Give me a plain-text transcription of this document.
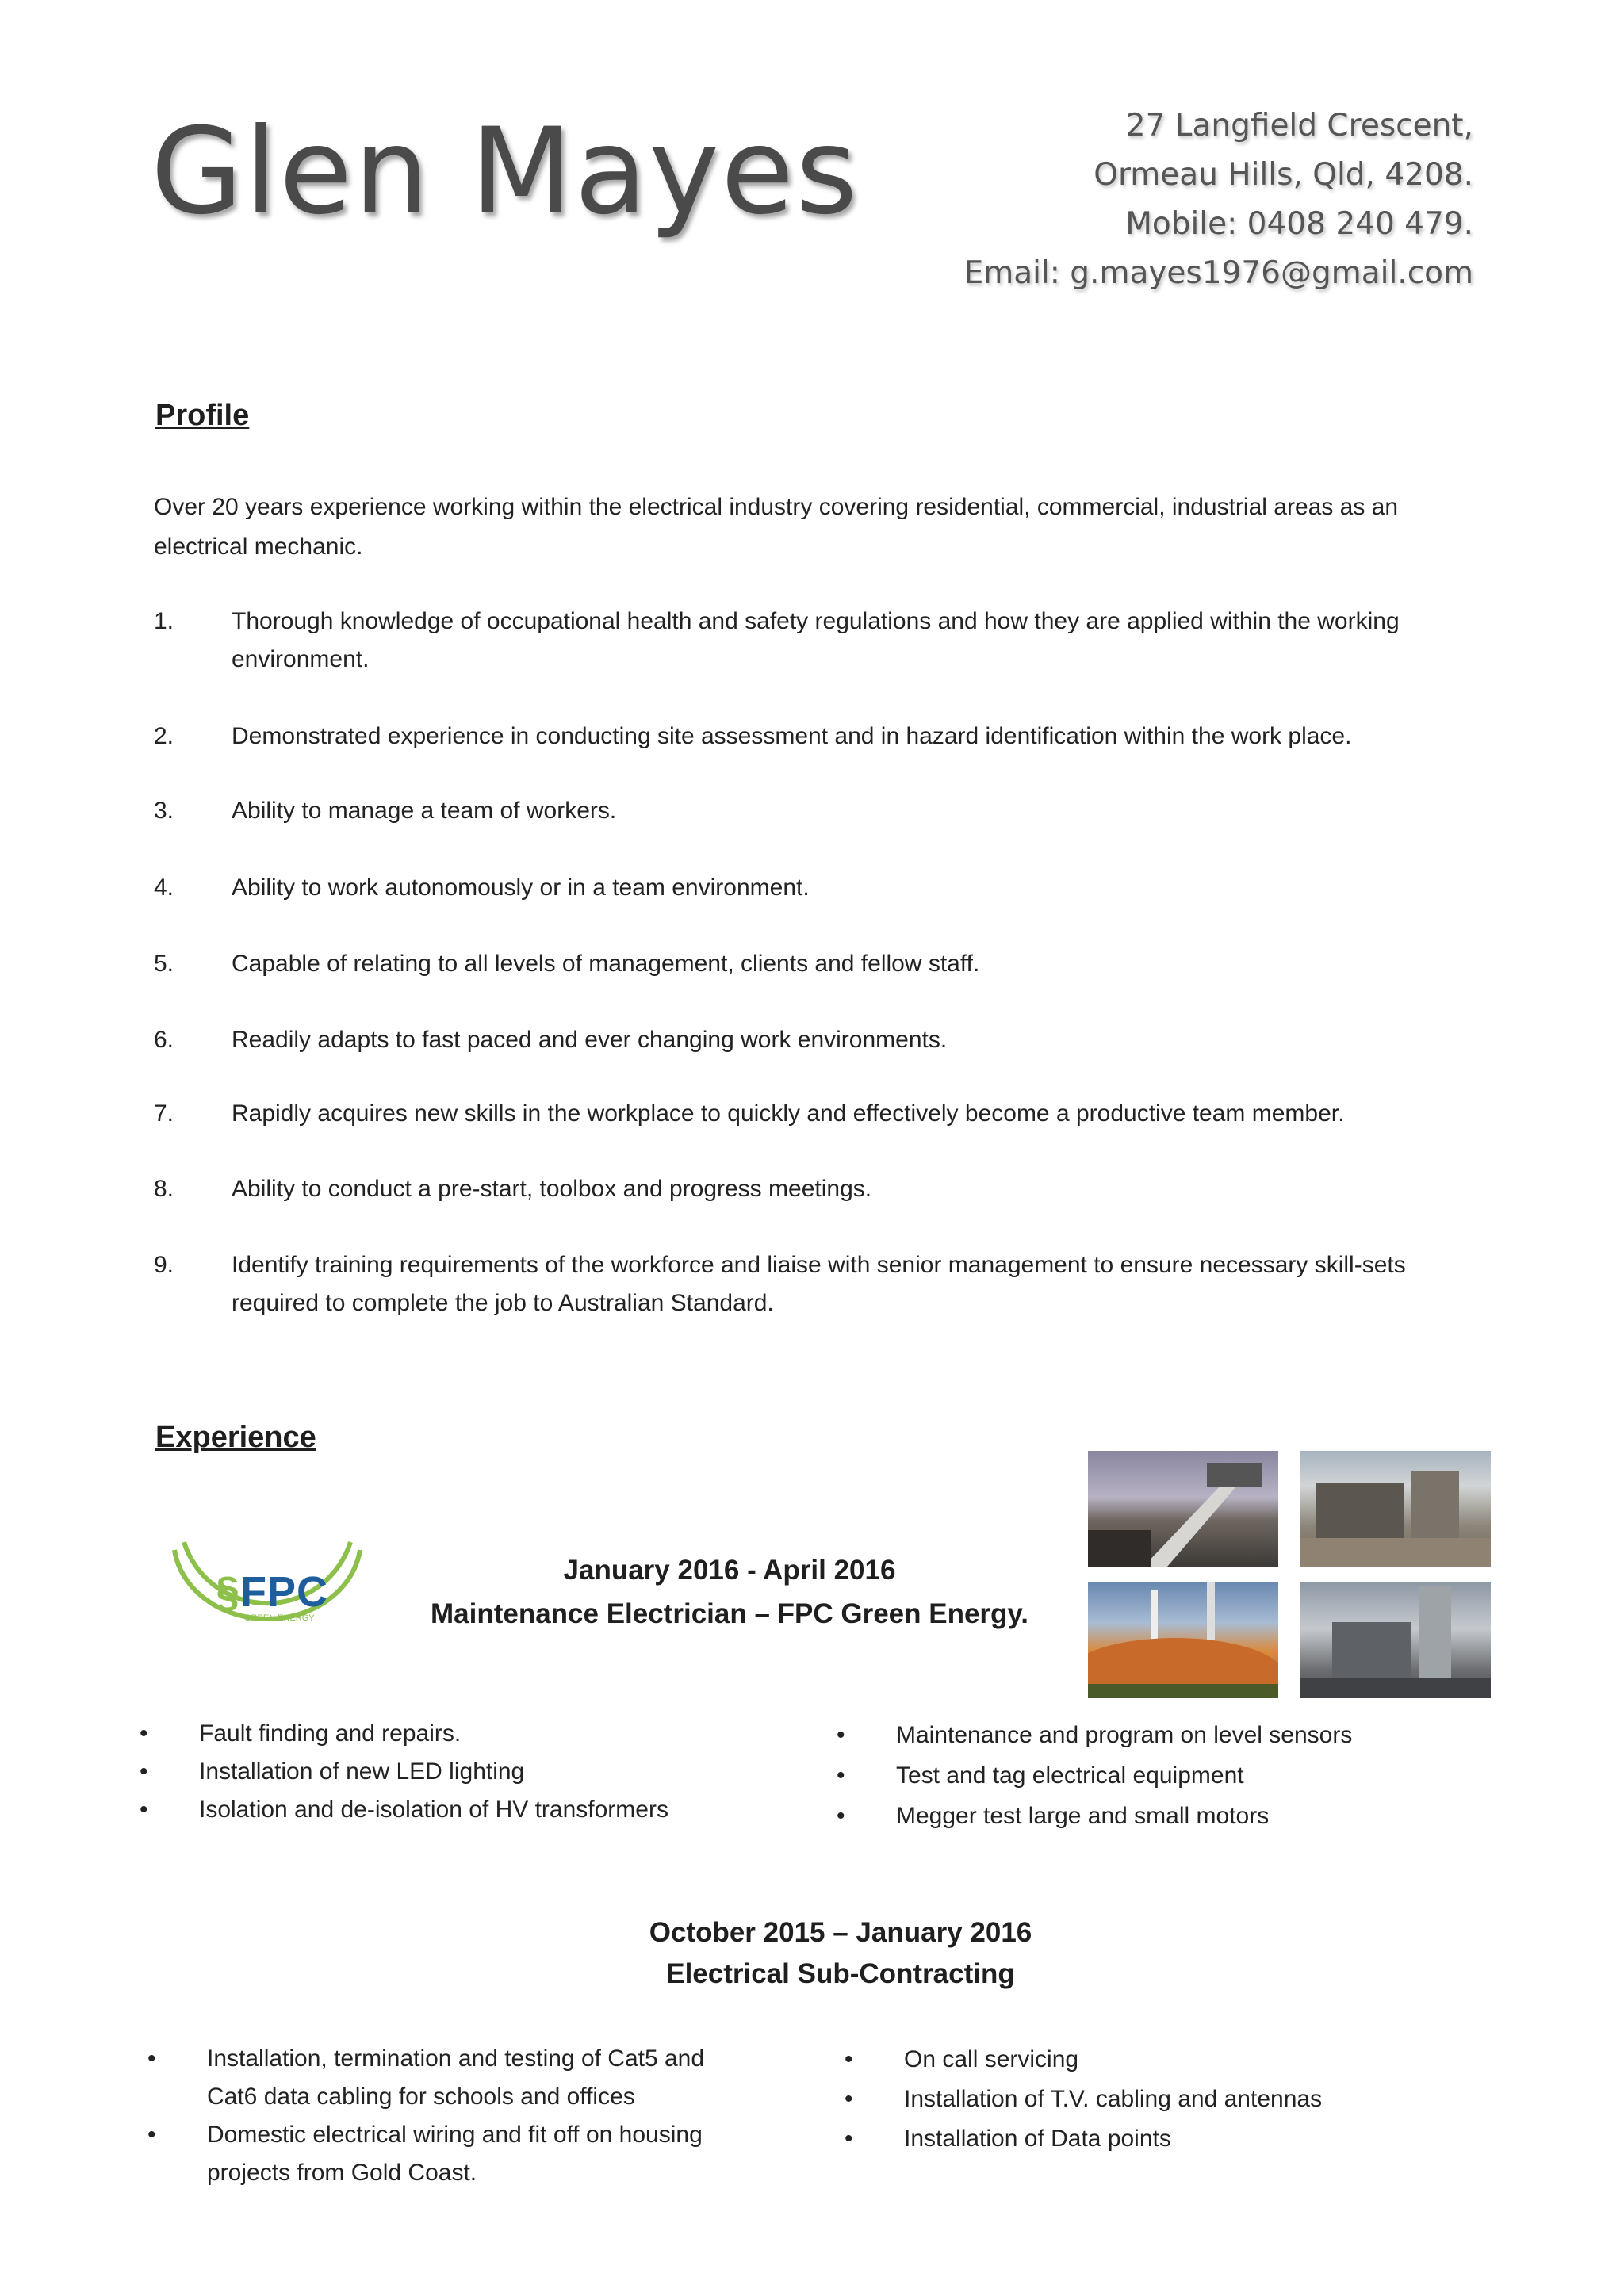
Glen Mayes	27 Langfield Crescent,
Ormeau Hills, Qld, 4208.
Mobile: 0408 240 479.
Email: g.mayes1976@gmail.com
Profile
Over 20 years experience working within the electrical industry covering residential, commercial, industrial areas as an
electrical mechanic.
1. Thorough knowledge of occupational health and safety regulations and how they are applied within the working environment.
2. Demonstrated experience in conducting site assessment and in hazard identification within the work place.
3. Ability to manage a team of workers.
4. Ability to work autonomously or in a team environment.
5. Capable of relating to all levels of management, clients and fellow staff.
6. Readily adapts to fast paced and ever changing work environments.
7. Rapidly acquires new skills in the workplace to quickly and effectively become a productive team member.
8. Ability to conduct a pre-start, toolbox and progress meetings.
9. Identify training requirements of the workforce and liaise with senior management to ensure necessary skill-sets required to complete the job to Australian Standard.
Experience
§FPC
GREEN ENERGY
January 2016 - April 2016
Maintenance Electrician – FPC Green Energy.
• Fault finding and repairs.
• Installation of new LED lighting
• Isolation and de-isolation of HV transformers
• Maintenance and program on level sensors
• Test and tag electrical equipment
• Megger test large and small motors
October 2015 – January 2016
Electrical Sub-Contracting
• Installation, termination and testing of Cat5 and Cat6 data cabling for schools and offices
• Domestic electrical wiring and fit off on housing projects from Gold Coast.
• On call servicing
• Installation of T.V. cabling and antennas
• Installation of Data points
